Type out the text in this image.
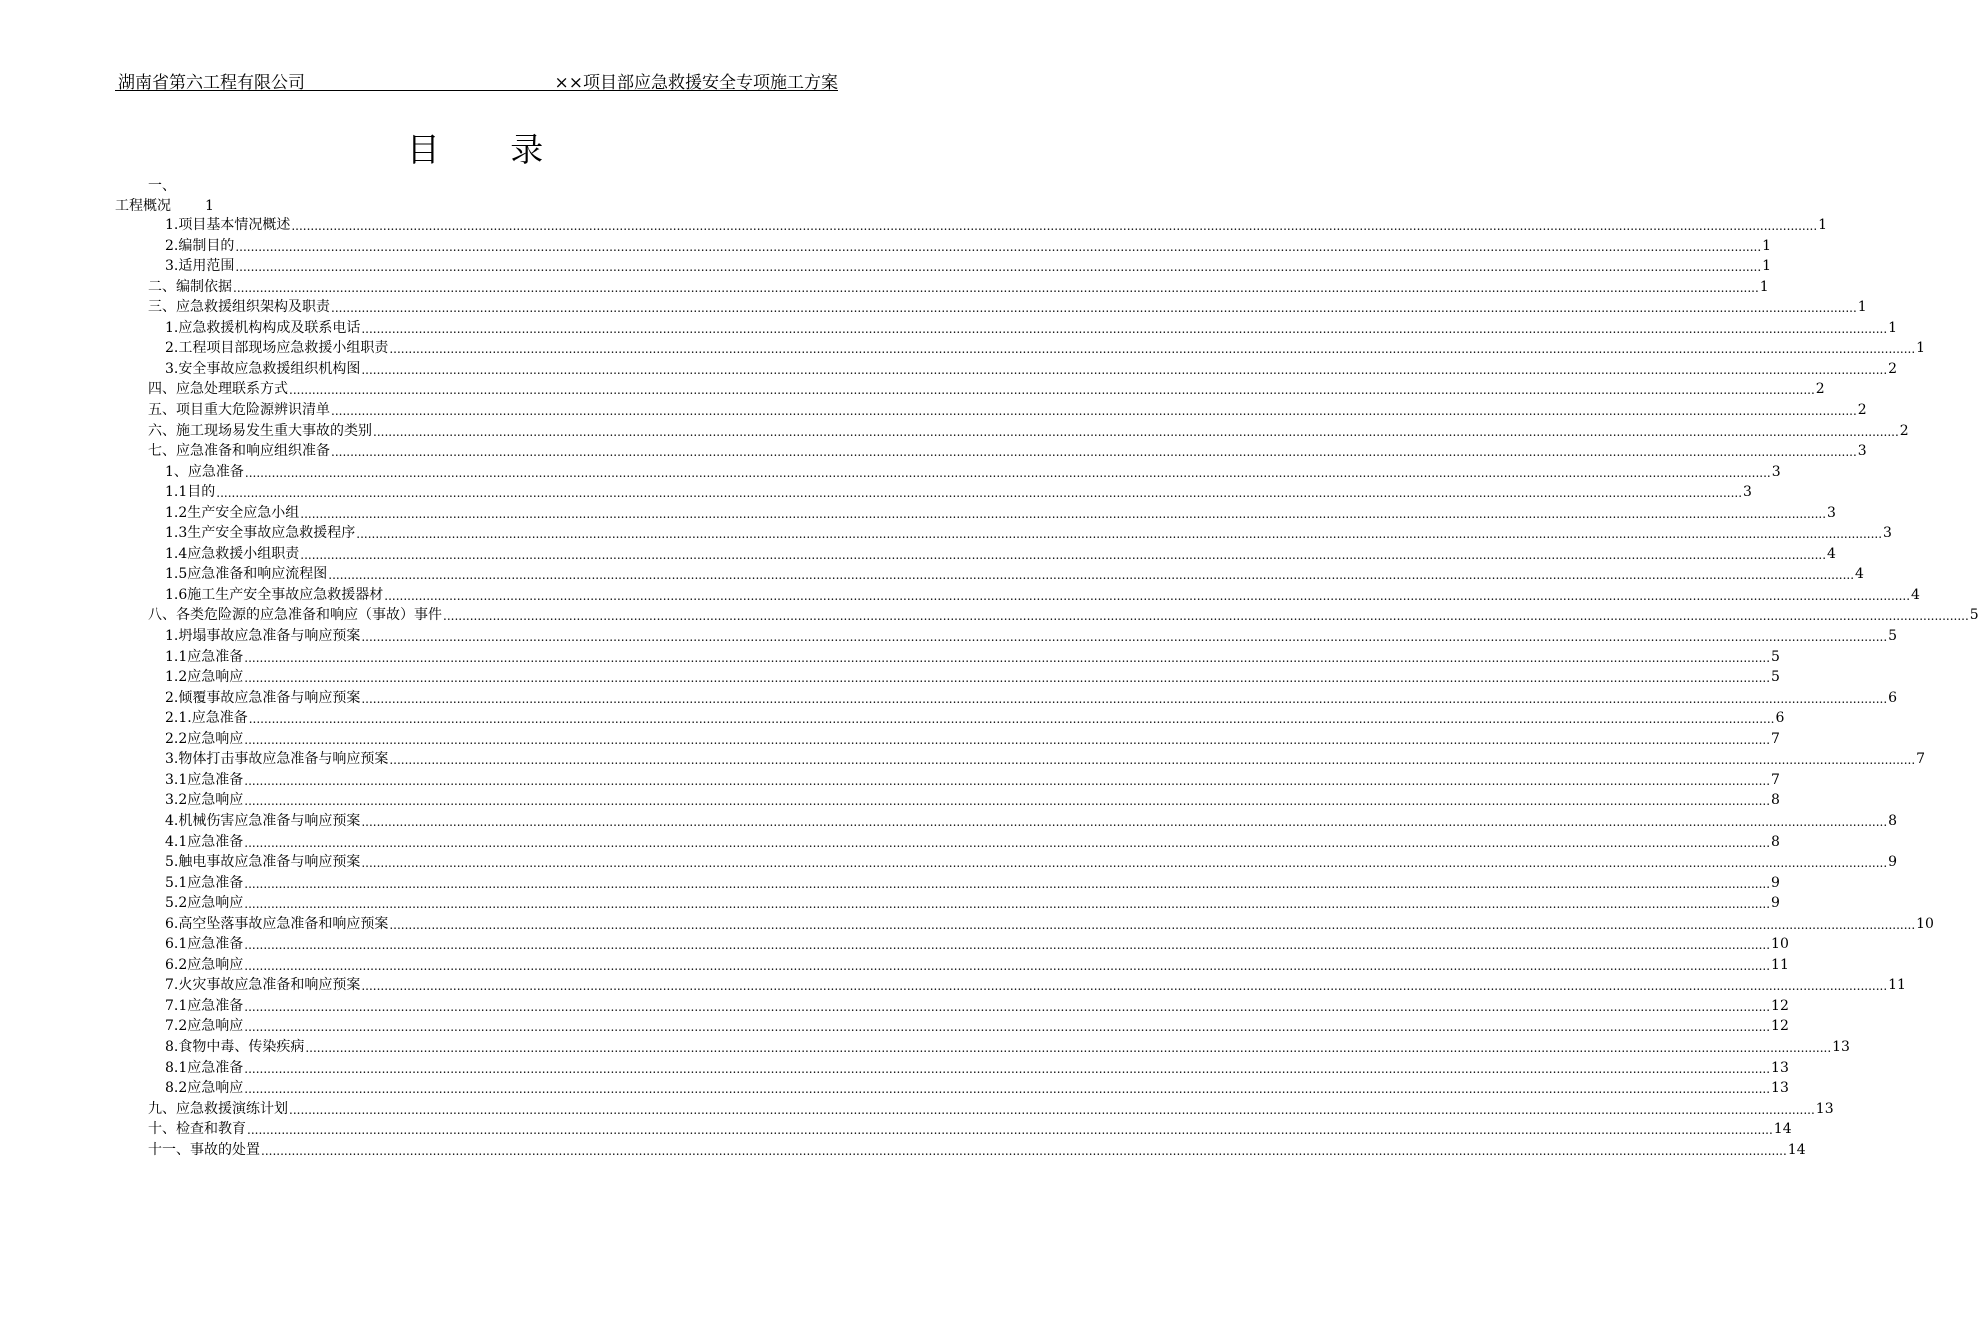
湖南省第六工程有限公司	××项目部应急救援安全专项施工方案
目 录
一、
工程概况 1
1. 项目基本情况概述 ................................................................................................................................................................................................................................................................................................................................................................................................................ 1
2. 编制目的 ................................................................................................................................................................................................................................................................................................................................................................................................................ 1
3. 适用范围 ................................................................................................................................................................................................................................................................................................................................................................................................................ 1
二、编制依据 ................................................................................................................................................................................................................................................................................................................................................................................................................ 1
三、应急救援组织架构及职责 ................................................................................................................................................................................................................................................................................................................................................................................................................ 1
1. 应急救援机构构成及联系电话 ................................................................................................................................................................................................................................................................................................................................................................................................................ 1
2. 工程项目部现场应急救援小组职责 ................................................................................................................................................................................................................................................................................................................................................................................................................ 1
3. 安全事故应急救援组织机构图 ................................................................................................................................................................................................................................................................................................................................................................................................................ 2
四、应急处理联系方式 ................................................................................................................................................................................................................................................................................................................................................................................................................ 2
五、项目重大危险源辨识清单 ................................................................................................................................................................................................................................................................................................................................................................................................................ 2
六、施工现场易发生重大事故的类别 ................................................................................................................................................................................................................................................................................................................................................................................................................ 2
七、应急准备和响应组织准备 ................................................................................................................................................................................................................................................................................................................................................................................................................ 3
1、应急准备 ................................................................................................................................................................................................................................................................................................................................................................................................................ 3
1.1 目的 ................................................................................................................................................................................................................................................................................................................................................................................................................ 3
1.2 生产安全应急小组 ................................................................................................................................................................................................................................................................................................................................................................................................................ 3
1.3 生产安全事故应急救援程序 ................................................................................................................................................................................................................................................................................................................................................................................................................ 3
1.4 应急救援小组职责 ................................................................................................................................................................................................................................................................................................................................................................................................................ 4
1.5 应急准备和响应流程图 ................................................................................................................................................................................................................................................................................................................................................................................................................ 4
1.6 施工生产安全事故应急救援器材 ................................................................................................................................................................................................................................................................................................................................................................................................................ 4
八、各类危险源的应急准备和响应（事故）事件 ................................................................................................................................................................................................................................................................................................................................................................................................................ 5
1. 坍塌事故应急准备与响应预案 ................................................................................................................................................................................................................................................................................................................................................................................................................ 5
1.1 应急准备 ................................................................................................................................................................................................................................................................................................................................................................................................................ 5
1.2 应急响应 ................................................................................................................................................................................................................................................................................................................................................................................................................ 5
2. 倾覆事故应急准备与响应预案 ................................................................................................................................................................................................................................................................................................................................................................................................................ 6
2.1. 应急准备 ................................................................................................................................................................................................................................................................................................................................................................................................................ 6
2.2 应急响应 ................................................................................................................................................................................................................................................................................................................................................................................................................ 7
3. 物体打击事故应急准备与响应预案 ................................................................................................................................................................................................................................................................................................................................................................................................................ 7
3.1 应急准备 ................................................................................................................................................................................................................................................................................................................................................................................................................ 7
3.2 应急响应 ................................................................................................................................................................................................................................................................................................................................................................................................................ 8
4. 机械伤害应急准备与响应预案 ................................................................................................................................................................................................................................................................................................................................................................................................................ 8
4.1 应急准备 ................................................................................................................................................................................................................................................................................................................................................................................................................ 8
5. 触电事故应急准备与响应预案 ................................................................................................................................................................................................................................................................................................................................................................................................................ 9
5.1 应急准备 ................................................................................................................................................................................................................................................................................................................................................................................................................ 9
5.2 应急响应 ................................................................................................................................................................................................................................................................................................................................................................................................................ 9
6. 高空坠落事故应急准备和响应预案 ................................................................................................................................................................................................................................................................................................................................................................................................................ 10
6.1 应急准备 ................................................................................................................................................................................................................................................................................................................................................................................................................ 10
6.2 应急响应 ................................................................................................................................................................................................................................................................................................................................................................................................................ 11
7. 火灾事故应急准备和响应预案 ................................................................................................................................................................................................................................................................................................................................................................................................................ 11
7.1 应急准备 ................................................................................................................................................................................................................................................................................................................................................................................................................ 12
7.2 应急响应 ................................................................................................................................................................................................................................................................................................................................................................................................................ 12
8. 食物中毒、传染疾病 ................................................................................................................................................................................................................................................................................................................................................................................................................ 13
8.1 应急准备 ................................................................................................................................................................................................................................................................................................................................................................................................................ 13
8.2 应急响应 ................................................................................................................................................................................................................................................................................................................................................................................................................ 13
九、应急救援演练计划 ................................................................................................................................................................................................................................................................................................................................................................................................................ 13
十、检查和教育 ................................................................................................................................................................................................................................................................................................................................................................................................................ 14
十一、事故的处置 ................................................................................................................................................................................................................................................................................................................................................................................................................ 14
